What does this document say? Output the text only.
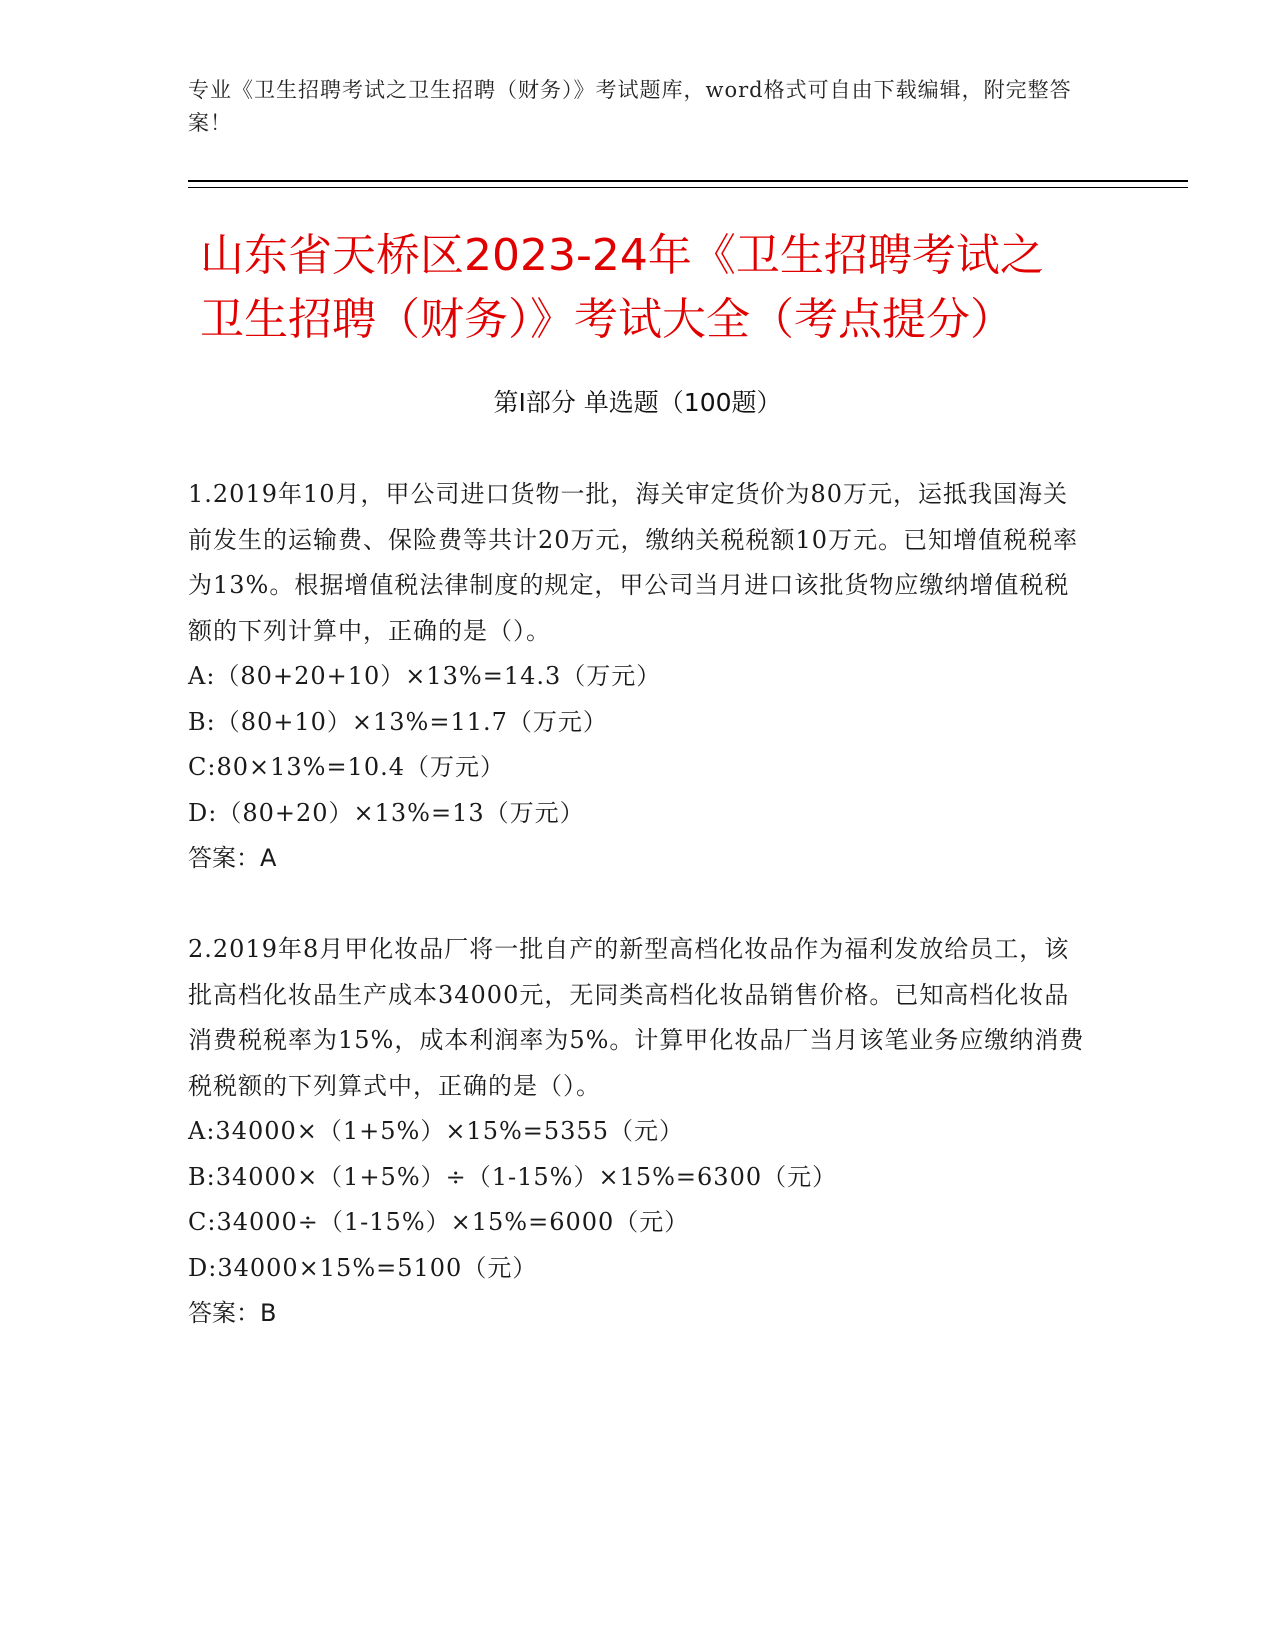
专业《卫生招聘考试之卫生招聘（财务）》考试题库，word格式可自由下载编辑，附完整答案！
山东省天桥区2023-24年《卫生招聘考试之
卫生招聘（财务）》考试大全（考点提分）
第Ⅰ部分 单选题（100题）

1.2019年10月，甲公司进口货物一批，海关审定货价为80万元，运抵我国海关前发生的运输费、保险费等共计20万元，缴纳关税税额10万元。已知增值税税率为13%。根据增值税法律制度的规定，甲公司当月进口该批货物应缴纳增值税税额的下列计算中，正确的是（）。

A:（80+20+10）×13%=14.3（万元）

B:（80+10）×13%=11.7（万元）

C:80×13%=10.4（万元）

D:（80+20）×13%=13（万元）

答案：A

2.2019年8月甲化妆品厂将一批自产的新型高档化妆品作为福利发放给员工，该批高档化妆品生产成本34000元，无同类高档化妆品销售价格。已知高档化妆品消费税税率为15%，成本利润率为5%。计算甲化妆品厂当月该笔业务应缴纳消费税税额的下列算式中，正确的是（）。

A:34000×（1+5%）×15%=5355（元）

B:34000×（1+5%）÷（1-15%）×15%=6300（元）

C:34000÷（1-15%）×15%=6000（元）

D:34000×15%=5100（元）

答案：B
